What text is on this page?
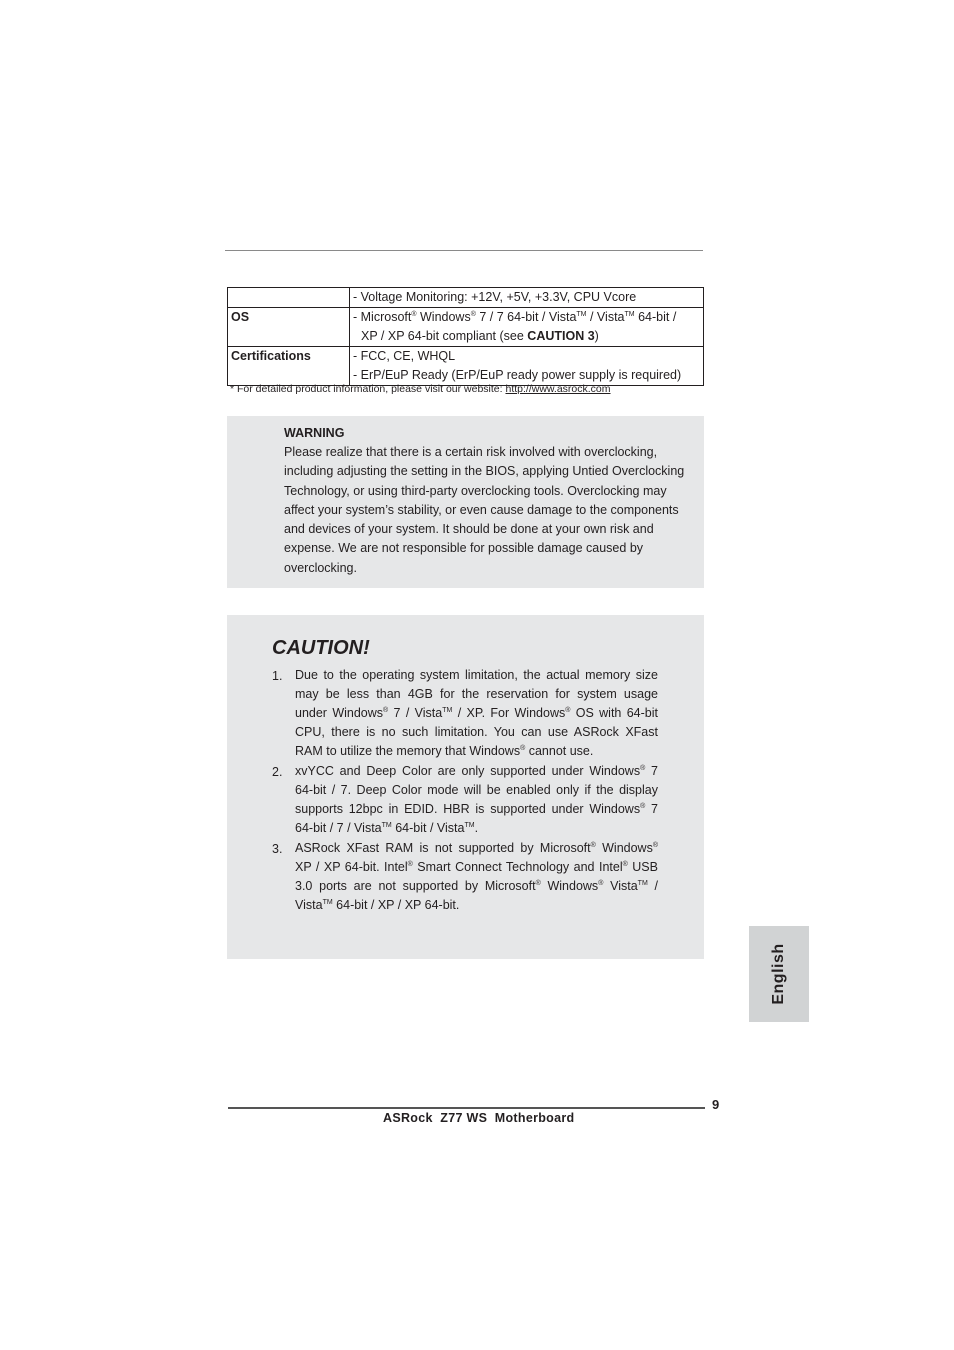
	- Voltage Monitoring: +12V, +5V, +3.3V, CPU Vcore

OS	- Microsoft® Windows® 7 / 7 64-bit / Vista™ / Vista™ 64-bit /
XP / XP 64-bit compliant (see CAUTION 3)

Certifications	- FCC, CE, WHQL
- ErP/EuP Ready (ErP/EuP ready power supply is required)
* For detailed product information, please visit our website: http://www.asrock.com
WARNING
Please realize that there is a certain risk involved with overclocking,
including adjusting the setting in the BIOS, applying Untied Overclocking
Technology, or using third-party overclocking tools. Overclocking may
affect your system’s stability, or even cause damage to the components
and devices of your system. It should be done at your own risk and
expense. We are not responsible for possible damage caused by
overclocking.
CAUTION!
1. Due to the operating system limitation, the actual memory size
may be less than 4GB for the reservation for system usage
under Windows® 7 / Vista™ / XP. For Windows® OS with 64-bit
CPU, there is no such limitation. You can use ASRock XFast
RAM to utilize the memory that Windows® cannot use.
2. xvYCC and Deep Color are only supported under Windows® 7
64-bit / 7. Deep Color mode will be enabled only if the display
supports 12bpc in EDID. HBR is supported under Windows® 7
64-bit / 7 / Vista™ 64-bit / Vista™.
3. ASRock XFast RAM is not supported by Microsoft® Windows®
XP / XP 64-bit. Intel® Smart Connect Technology and Intel® USB
3.0 ports are not supported by Microsoft® Windows® Vista™ /
Vista™ 64-bit / XP / XP 64-bit.
English
9
ASRock  Z77 WS  Motherboard
